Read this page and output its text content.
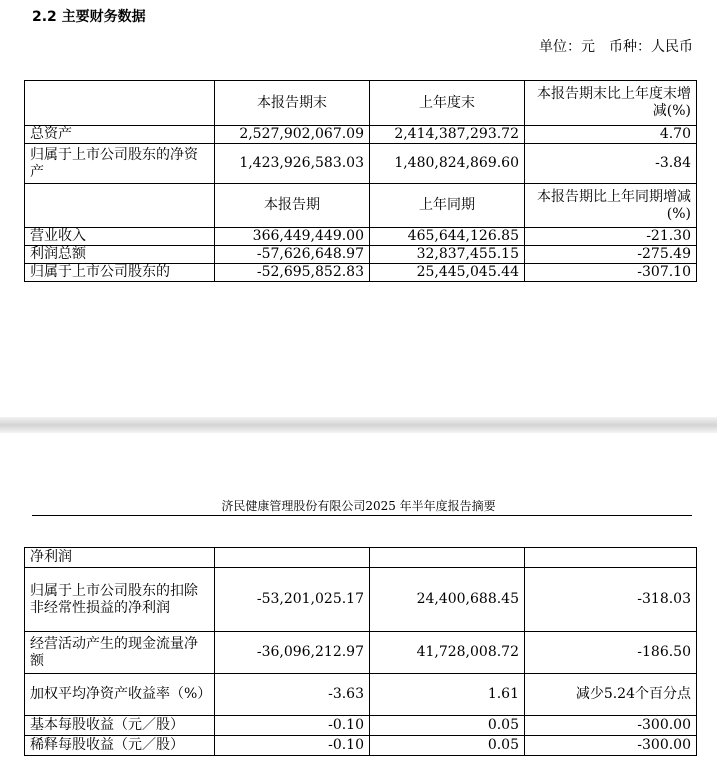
2.2 主要财务数据
单位：元　币种：人民币
	本报告期末	上年度末	本报告期末比上年度末增减(%)
总资产	2,527,902,067.09	2,414,387,293.72	4.70
归属于上市公司股东的净资产	1,423,926,583.03	1,480,824,869.60	-3.84
	本报告期	上年同期	本报告期比上年同期增减(%)
营业收入	366,449,449.00	465,644,126.85	-21.30
利润总额	-57,626,648.97	32,837,455.15	-275.49
归属于上市公司股东的	-52,695,852.83	25,445,045.44	-307.10
济民健康管理股份有限公司2025 年半年度报告摘要
净利润			
归属于上市公司股东的扣除非经常性损益的净利润	-53,201,025.17	24,400,688.45	-318.03
经营活动产生的现金流量净额	-36,096,212.97	41,728,008.72	-186.50
加权平均净资产收益率（%）	-3.63	1.61	减少5.24个百分点
基本每股收益（元／股）	-0.10	0.05	-300.00
稀释每股收益（元／股）	-0.10	0.05	-300.00
